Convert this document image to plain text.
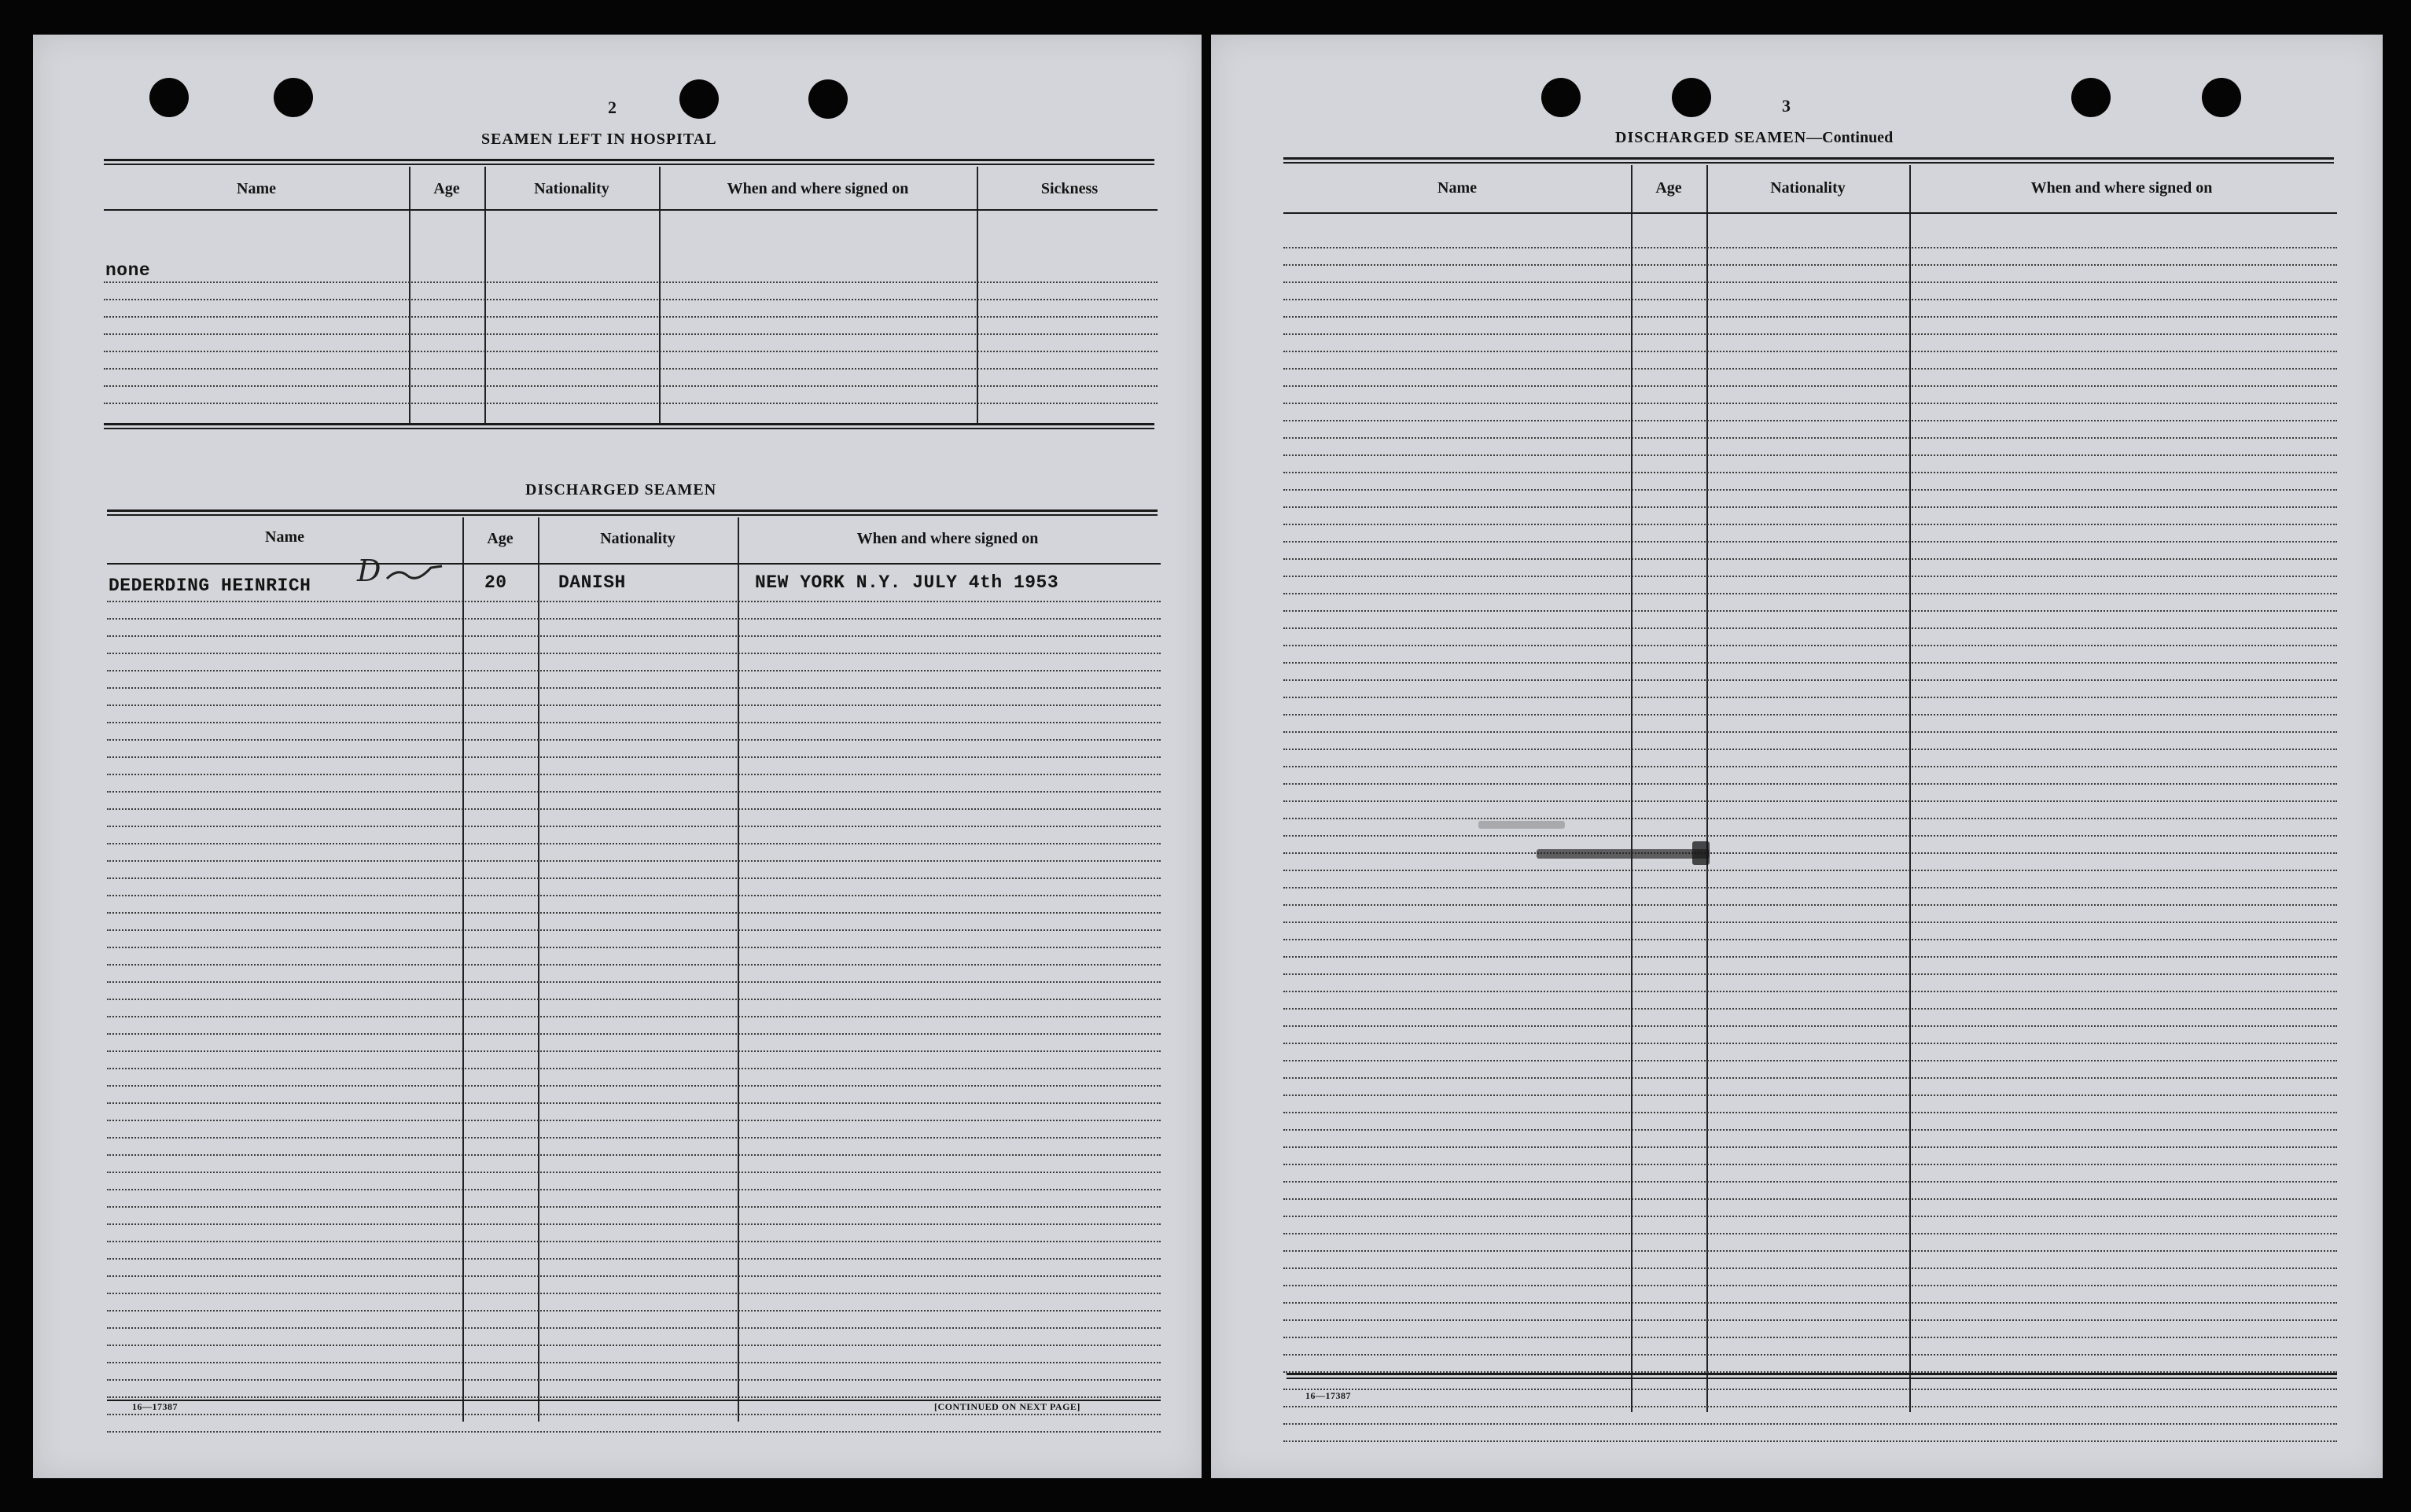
2
SEAMEN LEFT IN HOSPITAL
Name	Age	Nationality	When and where signed on	Sickness
none
DISCHARGED SEAMEN
Name	Age	Nationality	When and where signed on
DEDERDING HEINRICH D	20	DANISH	NEW YORK N.Y. JULY 4th 1953
16—17387	[CONTINUED ON NEXT PAGE]
3
DISCHARGED SEAMEN—Continued
Name	Age	Nationality	When and where signed on
16—17387
